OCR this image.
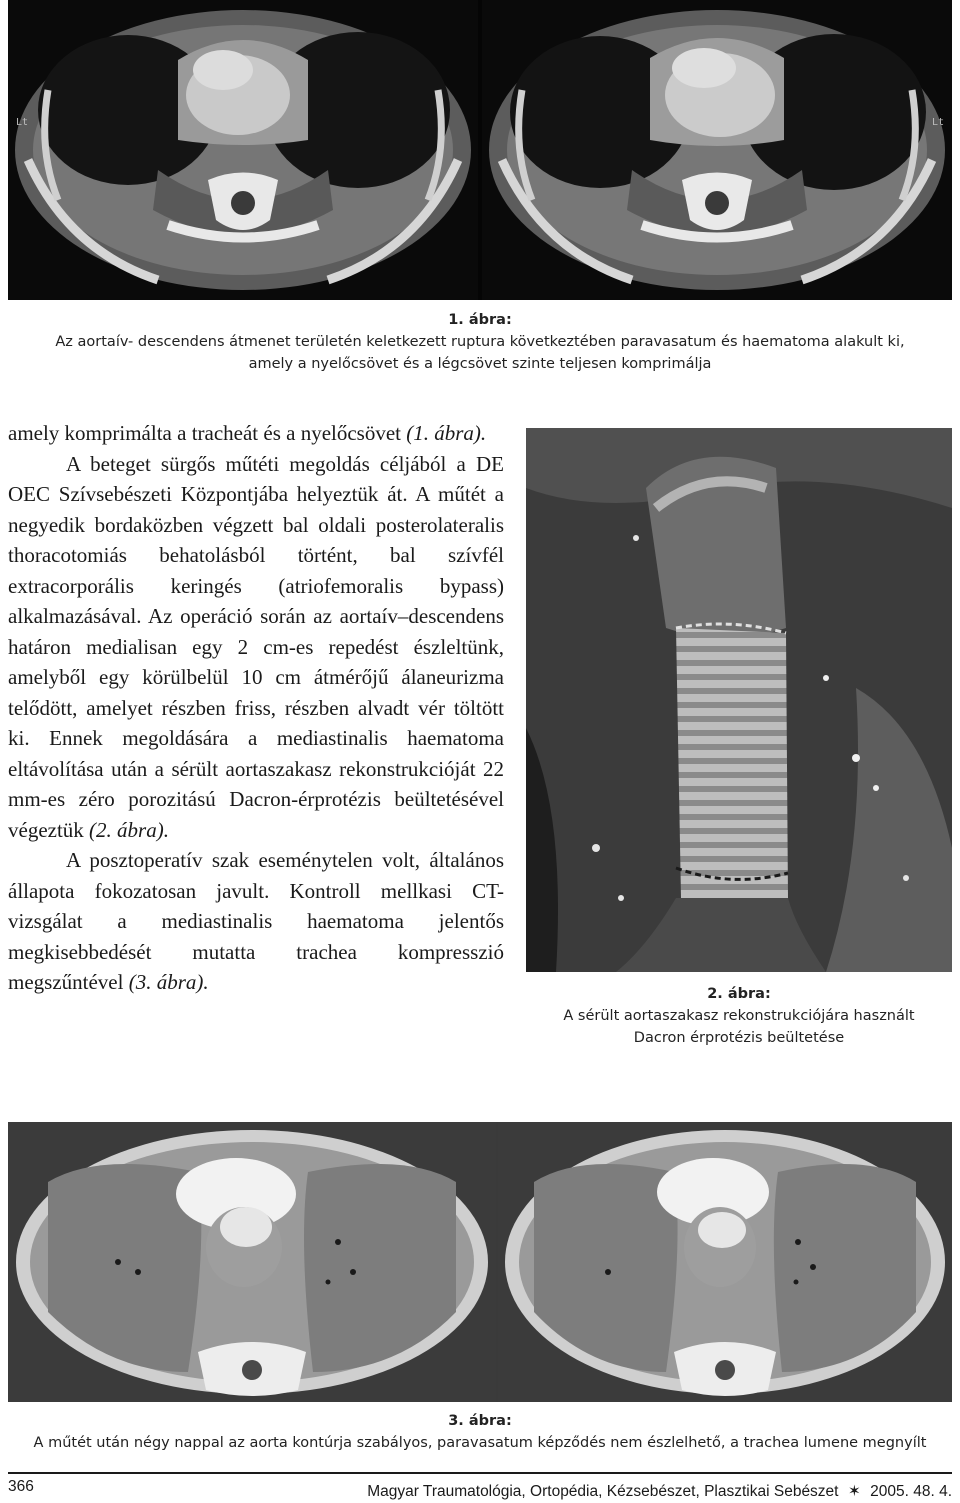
Lt	Lt
1. ábra:
Az aortaív- descendens átmenet területén keletkezett ruptura következtében paravasatum és haematoma alakult ki,
amely a nyelőcsövet és a légcsövet szinte teljesen komprimálja

amely komprimálta a tracheát és a nyelőcsövet (1. ábra).

A beteget sürgős műtéti megoldás céljából a DE OEC Szívsebészeti Központjába helyeztük át. A műtét a negyedik bordaközben végzett bal oldali posterolateralis thoracotomiás behatolásból történt, bal szívfél extracorporális keringés (atriofemoralis bypass) alkalmazásával. Az operáció során az aortaív–descendens határon medialisan egy 2 cm-es repedést észleltünk, amelyből egy körülbelül 10 cm átmérőjű álaneurizma telődött, amelyet részben friss, részben alvadt vér töltött ki. Ennek megoldására a mediastinalis haematoma eltávolítása után a sérült aortaszakasz rekonstrukcióját 22 mm-es zéro porozitású Dacron-érprotézis beültetésével végeztük (2. ábra).

A posztoperatív szak eseménytelen volt, általános állapota fokozatosan javult. Kontroll mellkasi CT-vizsgálat a mediastinalis haematoma jelentős megkisebbedését mutatta trachea kompresszió megszűntével (3. ábra).	2. ábra:
A sérült aortaszakasz rekonstrukciójára használt
Dacron érprotézis beültetése
3. ábra:
A műtét után négy nappal az aorta kontúrja szabályos, paravasatum képződés nem észlelhető, a trachea lumene megnyílt
366	Magyar Traumatológia, Ortopédia, Kézsebészet, Plasztikai Sebészet ✶ 2005. 48. 4.
